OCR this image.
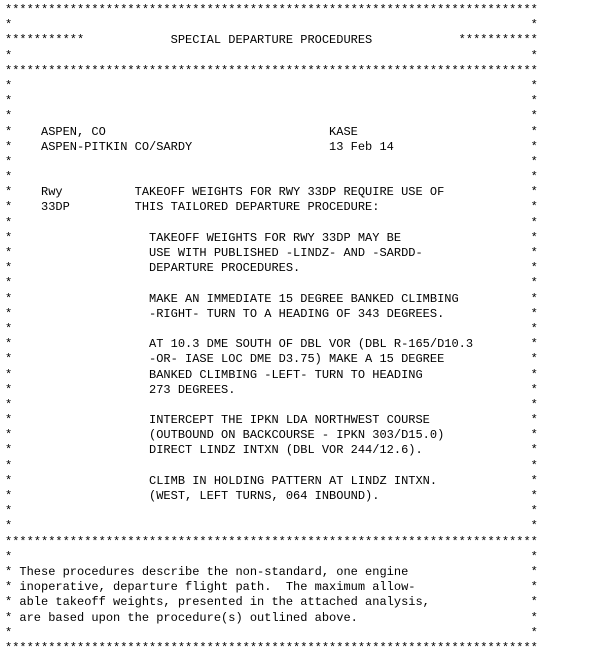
**************************************************************************
*                                                                        *
***********            SPECIAL DEPARTURE PROCEDURES            ***********
*                                                                        *
**************************************************************************
*                                                                        *
*                                                                        *
*                                                                        *
*    ASPEN, CO                               KASE                        *
*    ASPEN-PITKIN CO/SARDY                   13 Feb 14                   *
*                                                                        *
*                                                                        *
*    Rwy          TAKEOFF WEIGHTS FOR RWY 33DP REQUIRE USE OF            *
*    33DP         THIS TAILORED DEPARTURE PROCEDURE:                     *
*                                                                        *
*                   TAKEOFF WEIGHTS FOR RWY 33DP MAY BE                  *
*                   USE WITH PUBLISHED -LINDZ- AND -SARDD-               *
*                   DEPARTURE PROCEDURES.                                *
*                                                                        *
*                   MAKE AN IMMEDIATE 15 DEGREE BANKED CLIMBING          *
*                   -RIGHT- TURN TO A HEADING OF 343 DEGREES.            *
*                                                                        *
*                   AT 10.3 DME SOUTH OF DBL VOR (DBL R-165/D10.3        *
*                   -OR- IASE LOC DME D3.75) MAKE A 15 DEGREE            *
*                   BANKED CLIMBING -LEFT- TURN TO HEADING               *
*                   273 DEGREES.                                         *
*                                                                        *
*                   INTERCEPT THE IPKN LDA NORTHWEST COURSE              *
*                   (OUTBOUND ON BACKCOURSE - IPKN 303/D15.0)            *
*                   DIRECT LINDZ INTXN (DBL VOR 244/12.6).               *
*                                                                        *
*                   CLIMB IN HOLDING PATTERN AT LINDZ INTXN.             *
*                   (WEST, LEFT TURNS, 064 INBOUND).                     *
*                                                                        *
*                                                                        *
**************************************************************************
*                                                                        *
* These procedures describe the non-standard, one engine                 *
* inoperative, departure flight path.  The maximum allow-                *
* able takeoff weights, presented in the attached analysis,              *
* are based upon the procedure(s) outlined above.                        *
*                                                                        *
**************************************************************************
